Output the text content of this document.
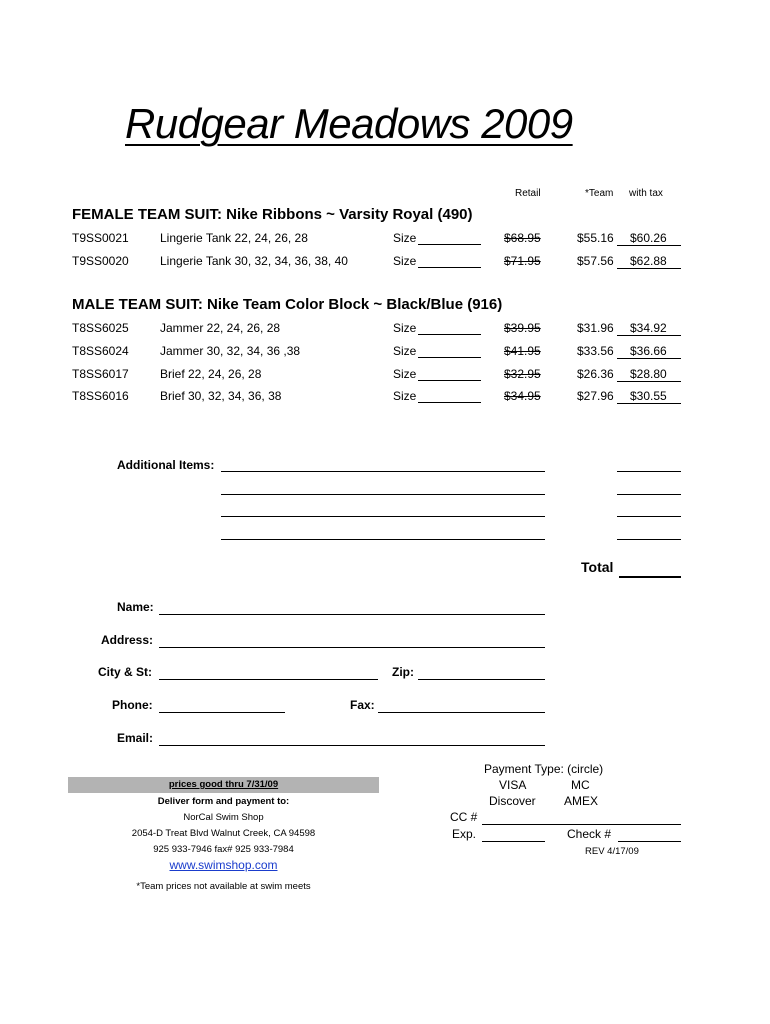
Rudgear Meadows 2009
Retail	*Team with tax
FEMALE TEAM SUIT: Nike Ribbons ~ Varsity Royal (490)
T9SS0021	Lingerie Tank 22, 24, 26, 28	Size	$68.95	$55.16 $60.26
T9SS0020	Lingerie Tank 30, 32, 34, 36, 38, 40	Size	$71.95	$57.56 $62.88
MALE TEAM SUIT: Nike Team Color Block ~ Black/Blue (916)
T8SS6025	Jammer 22, 24, 26, 28	Size	$39.95	$31.96 $34.92
T8SS6024	Jammer 30, 32, 34, 36 ,38	Size	$41.95	$33.56 $36.66
T8SS6017	Brief 22, 24, 26, 28	Size	$32.95	$26.36 $28.80
T8SS6016	Brief 30, 32, 34, 36, 38	Size	$34.95	$27.96 $30.55
Additional Items:
Total
Name:
Address:
City & St:	Zip:
Phone:	Fax:
Email:
prices good thru 7/31/09
Deliver form and payment to:
NorCal Swim Shop
2054-D Treat Blvd Walnut Creek, CA 94598
925 933-7946 fax# 925 933-7984
www.swimshop.com
*Team prices not available at swim meets
Payment Type: (circle)
VISA	MC
Discover AMEX
CC #
Exp.	Check #
REV 4/17/09
